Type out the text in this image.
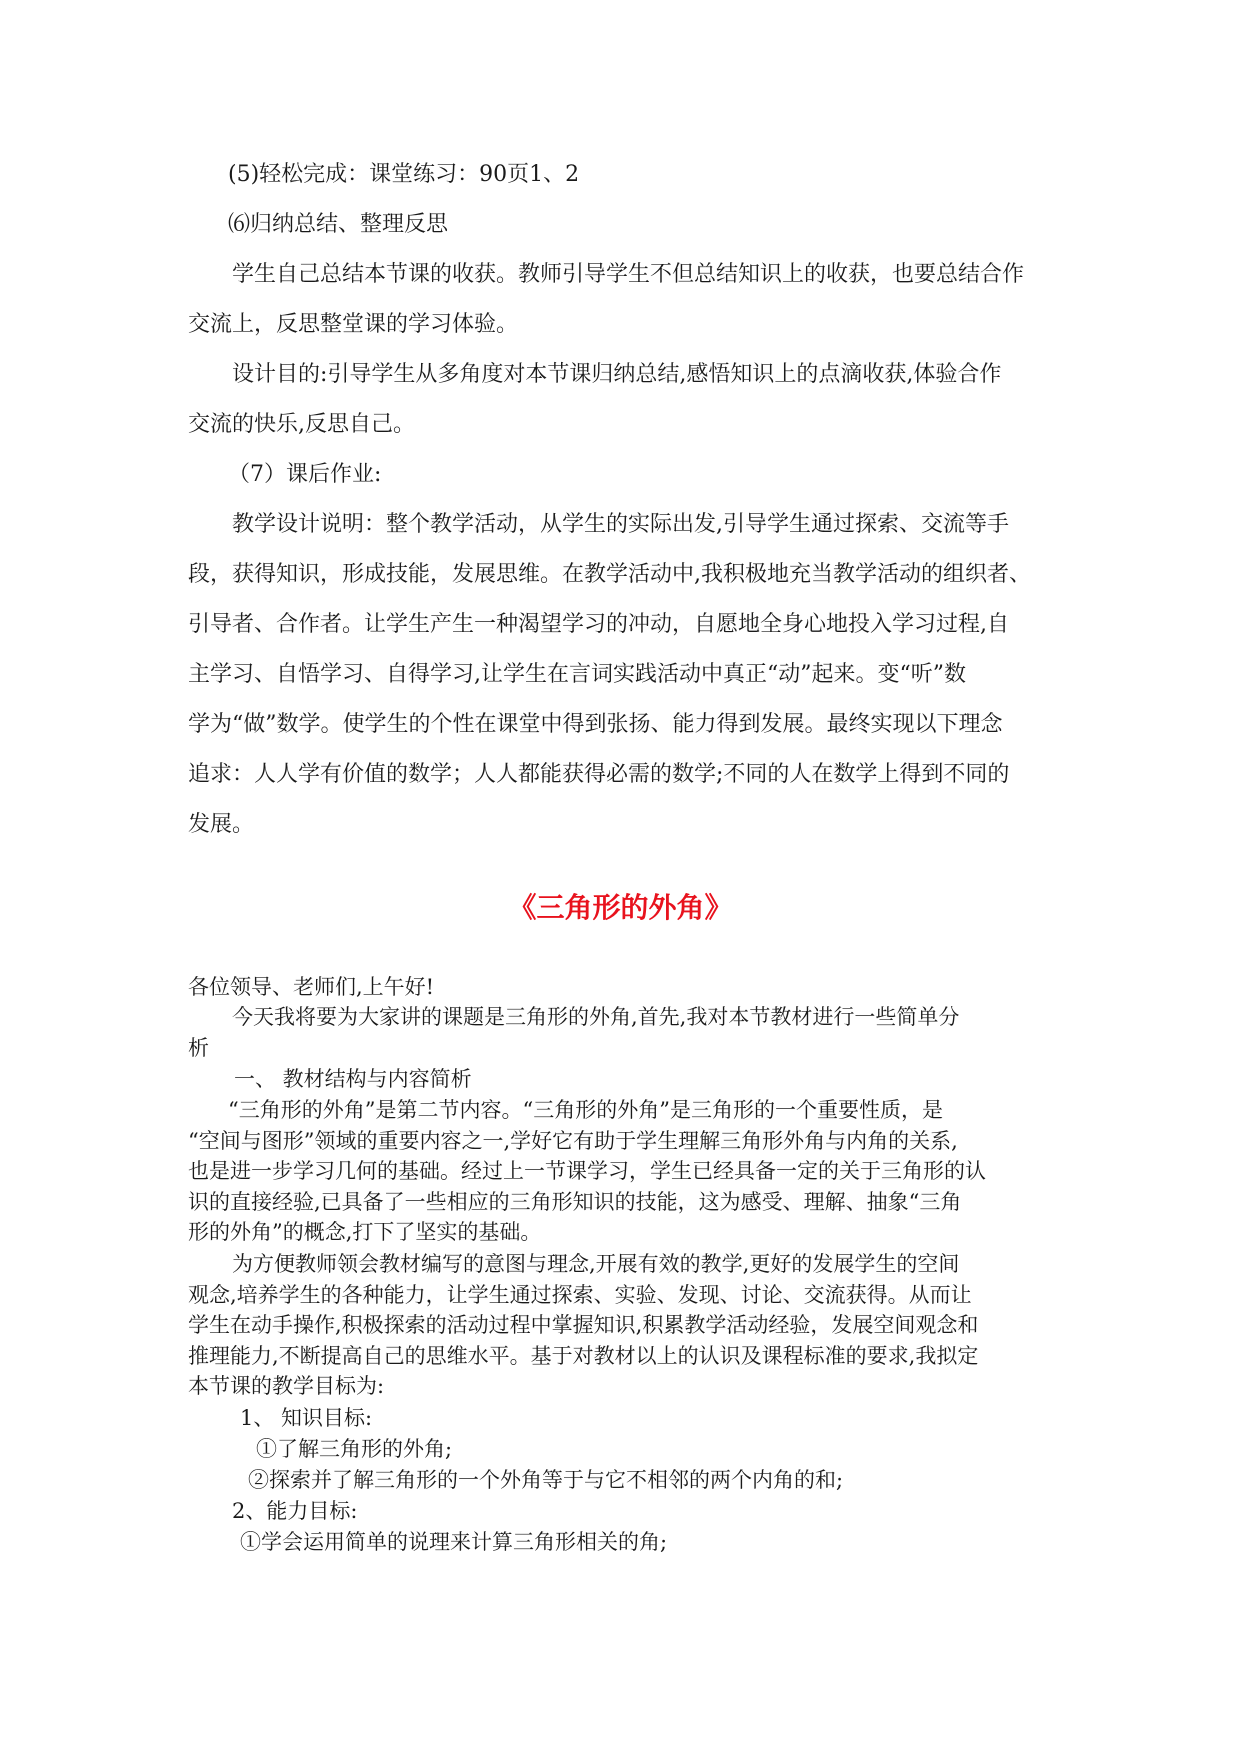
(5)轻松完成：课堂练习：90页1、2
⑹归纳总结、整理反思
学生自己总结本节课的收获。教师引导学生不但总结知识上的收获，也要总结合作
交流上，反思整堂课的学习体验。
设计目的:引导学生从多角度对本节课归纳总结,感悟知识上的点滴收获,体验合作
交流的快乐,反思自己。
（7）课后作业:
教学设计说明：整个教学活动，从学生的实际出发,引导学生通过探索、交流等手
段，获得知识，形成技能，发展思维。在教学活动中,我积极地充当教学活动的组织者、
引导者、合作者。让学生产生一种渴望学习的冲动，自愿地全身心地投入学习过程,自
主学习、自悟学习、自得学习,让学生在言词实践活动中真正“动”起来。变“听”数
学为“做”数学。使学生的个性在课堂中得到张扬、能力得到发展。最终实现以下理念
追求：人人学有价值的数学；人人都能获得必需的数学;不同的人在数学上得到不同的
发展。
《三角形的外角》
各位领导、老师们,上午好!
今天我将要为大家讲的课题是三角形的外角,首先,我对本节教材进行一些简单分
析
一、 教材结构与内容简析
“三角形的外角”是第二节内容。“三角形的外角”是三角形的一个重要性质，是
“空间与图形”领域的重要内容之一,学好它有助于学生理解三角形外角与内角的关系,
也是进一步学习几何的基础。经过上一节课学习，学生已经具备一定的关于三角形的认
识的直接经验,已具备了一些相应的三角形知识的技能，这为感受、理解、抽象“三角
形的外角”的概念,打下了坚实的基础。
为方便教师领会教材编写的意图与理念,开展有效的教学,更好的发展学生的空间
观念,培养学生的各种能力，让学生通过探索、实验、发现、讨论、交流获得。从而让
学生在动手操作,积极探索的活动过程中掌握知识,积累教学活动经验，发展空间观念和
推理能力,不断提高自己的思维水平。基于对教材以上的认识及课程标准的要求,我拟定
本节课的教学目标为:
1、 知识目标:
①了解三角形的外角;
②探索并了解三角形的一个外角等于与它不相邻的两个内角的和;
2、能力目标:
①学会运用简单的说理来计算三角形相关的角;
